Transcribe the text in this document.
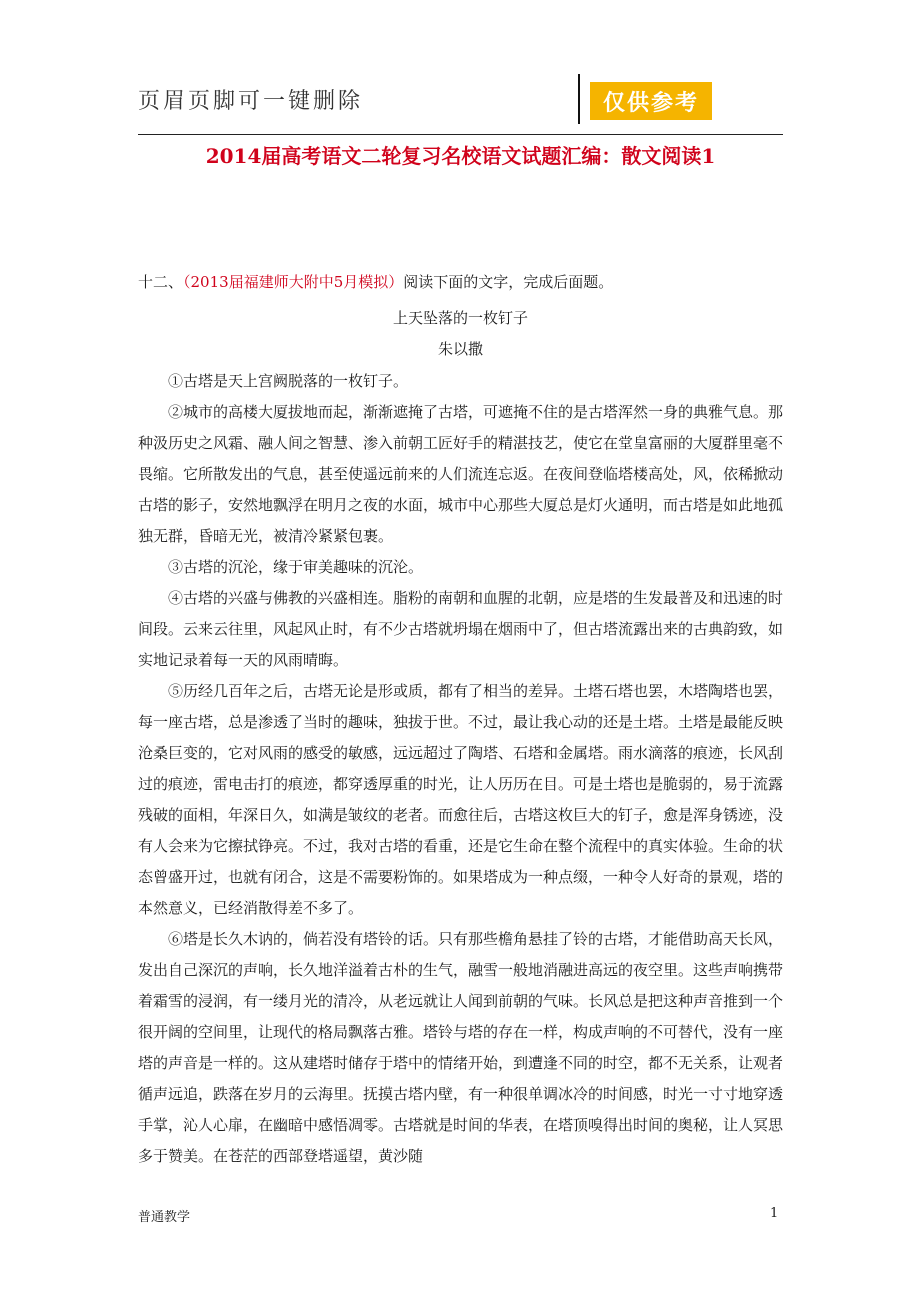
页眉页脚可一键删除	仅供参考
2014届高考语文二轮复习名校语文试题汇编：散文阅读1
十二、（2013届福建师大附中5月模拟）阅读下面的文字，完成后面题。
上天坠落的一枚钉子
朱以撒

①古塔是天上宫阙脱落的一枚钉子。

②城市的高楼大厦拔地而起，渐渐遮掩了古塔，可遮掩不住的是古塔浑然一身的典雅气息。那种汲历史之风霜、融人间之智慧、渗入前朝工匠好手的精湛技艺，使它在堂皇富丽的大厦群里毫不畏缩。它所散发出的气息，甚至使遥远前来的人们流连忘返。在夜间登临塔楼高处，风，依稀掀动古塔的影子，安然地飘浮在明月之夜的水面，城市中心那些大厦总是灯火通明，而古塔是如此地孤独无群，昏暗无光，被清冷紧紧包裹。

③古塔的沉沦，缘于审美趣味的沉沦。

④古塔的兴盛与佛教的兴盛相连。脂粉的南朝和血腥的北朝，应是塔的生发最普及和迅速的时间段。云来云往里，风起风止时，有不少古塔就坍塌在烟雨中了，但古塔流露出来的古典韵致，如实地记录着每一天的风雨晴晦。

⑤历经几百年之后，古塔无论是形或质，都有了相当的差异。土塔石塔也罢，木塔陶塔也罢，每一座古塔，总是渗透了当时的趣味，独拔于世。不过，最让我心动的还是土塔。土塔是最能反映沧桑巨变的，它对风雨的感受的敏感，远远超过了陶塔、石塔和金属塔。雨水滴落的痕迹，长风刮过的痕迹，雷电击打的痕迹，都穿透厚重的时光，让人历历在目。可是土塔也是脆弱的，易于流露残破的面相，年深日久，如满是皱纹的老者。而愈往后，古塔这枚巨大的钉子，愈是浑身锈迹，没有人会来为它擦拭铮亮。不过，我对古塔的看重，还是它生命在整个流程中的真实体验。生命的状态曾盛开过，也就有闭合，这是不需要粉饰的。如果塔成为一种点缀，一种令人好奇的景观，塔的本然意义，已经消散得差不多了。

⑥塔是长久木讷的，倘若没有塔铃的话。只有那些檐角悬挂了铃的古塔，才能借助高天长风，发出自己深沉的声响，长久地洋溢着古朴的生气，融雪一般地消融进高远的夜空里。这些声响携带着霜雪的浸润，有一缕月光的清冷，从老远就让人闻到前朝的气味。长风总是把这种声音推到一个很开阔的空间里，让现代的格局飘落古雅。塔铃与塔的存在一样，构成声响的不可替代，没有一座塔的声音是一样的。这从建塔时储存于塔中的情绪开始，到遭逢不同的时空，都不无关系，让观者循声远追，跌落在岁月的云海里。抚摸古塔内壁，有一种很单调冰冷的时间感，时光一寸寸地穿透手掌，沁人心扉，在幽暗中感悟凋零。古塔就是时间的华表，在塔顶嗅得出时间的奥秘，让人冥思多于赞美。在苍茫的西部登塔遥望，黄沙随

普通教学	1
